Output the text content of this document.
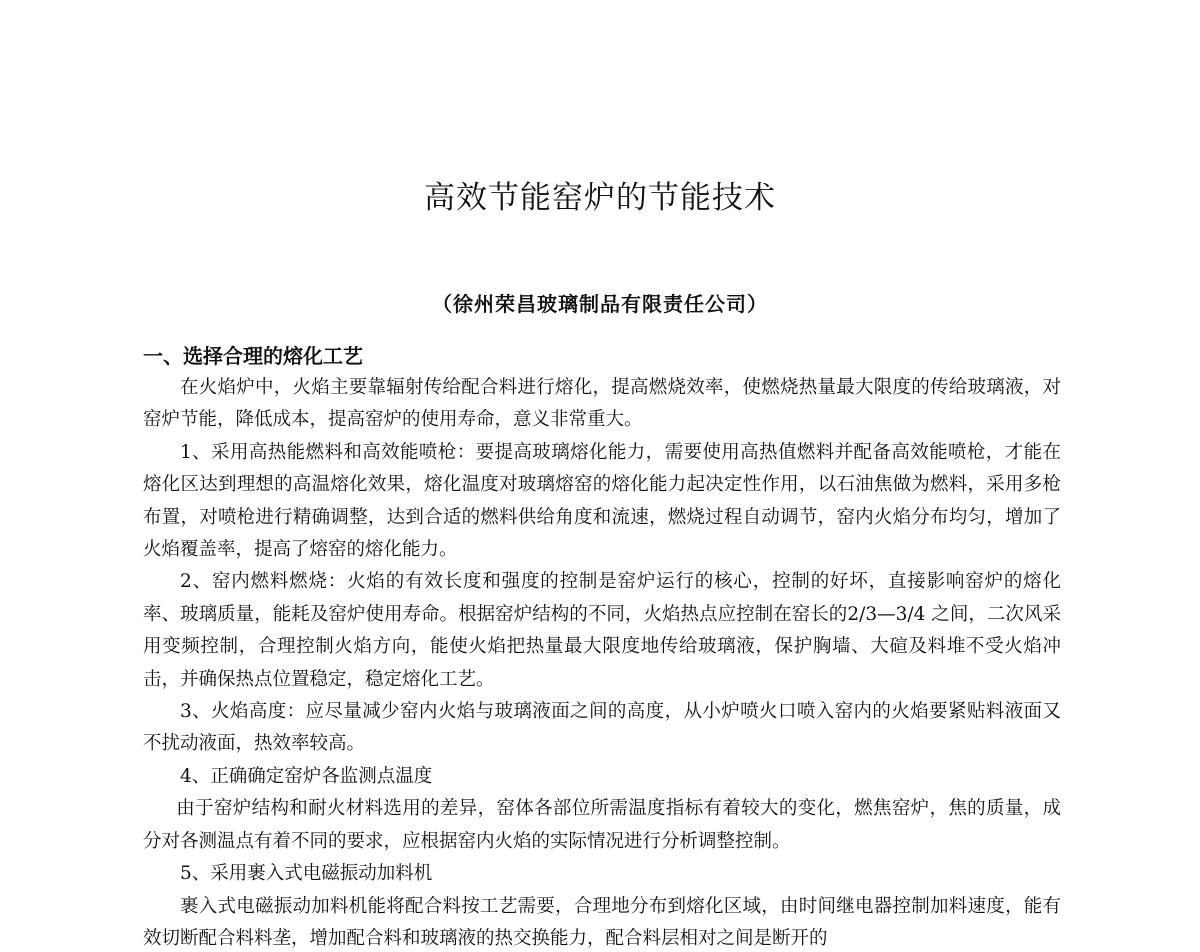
高效节能窑炉的节能技术
（徐州荣昌玻璃制品有限责任公司）
一、选择合理的熔化工艺

在火焰炉中，火焰主要靠辐射传给配合料进行熔化，提高燃烧效率，使燃烧热量最大限度的传给玻璃液，对窑炉节能，降低成本，提高窑炉的使用寿命，意义非常重大。

1、采用高热能燃料和高效能喷枪：要提高玻璃熔化能力，需要使用高热值燃料并配备高效能喷枪，才能在熔化区达到理想的高温熔化效果，熔化温度对玻璃熔窑的熔化能力起决定性作用，以石油焦做为燃料，采用多枪布置，对喷枪进行精确调整，达到合适的燃料供给角度和流速，燃烧过程自动调节，窑内火焰分布均匀，增加了火焰覆盖率，提高了熔窑的熔化能力。

2、窑内燃料燃烧：火焰的有效长度和强度的控制是窑炉运行的核心，控制的好坏，直接影响窑炉的熔化率、玻璃质量，能耗及窑炉使用寿命。根据窑炉结构的不同，火焰热点应控制在窑长的2/3—3/4 之间，二次风采用变频控制，合理控制火焰方向，能使火焰把热量最大限度地传给玻璃液，保护胸墙、大碹及料堆不受火焰冲击，并确保热点位置稳定，稳定熔化工艺。

3、火焰高度：应尽量减少窑内火焰与玻璃液面之间的高度，从小炉喷火口喷入窑内的火焰要紧贴料液面又不扰动液面，热效率较高。

4、正确确定窑炉各监测点温度

由于窑炉结构和耐火材料选用的差异，窑体各部位所需温度指标有着较大的变化，燃焦窑炉，焦的质量，成分对各测温点有着不同的要求，应根据窑内火焰的实际情况进行分析调整控制。

5、采用裹入式电磁振动加料机

裹入式电磁振动加料机能将配合料按工艺需要，合理地分布到熔化区域，由时间继电器控制加料速度，能有效切断配合料料垄，增加配合料和玻璃液的热交换能力，配合料层相对之间是断开的
